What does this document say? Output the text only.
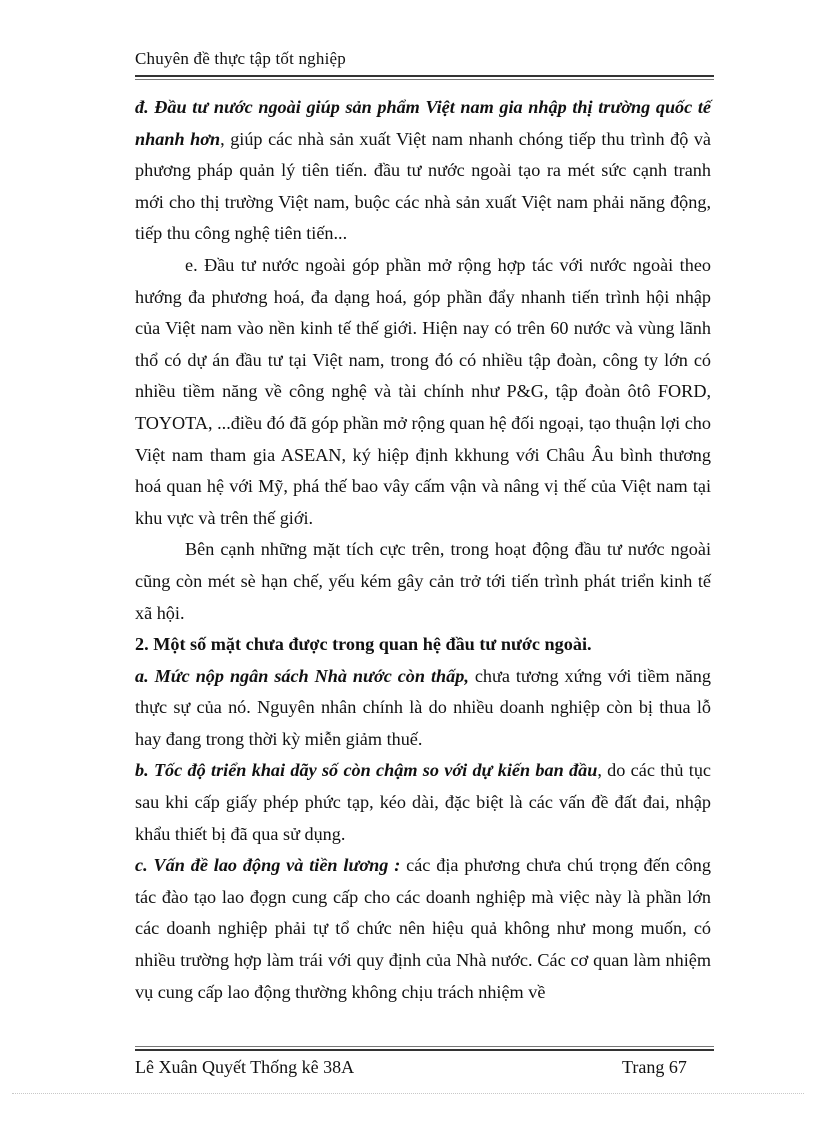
Chuyên đề thực tập tốt nghiệp

đ. Đầu tư nước ngoài giúp sản phẩm Việt nam gia nhập thị trường quốc tế nhanh hơn, giúp các nhà sản xuất Việt nam nhanh chóng tiếp thu trình độ và phương pháp quản lý tiên tiến. đầu tư nước ngoài tạo ra mét sức cạnh tranh mới cho thị trường Việt nam, buộc các nhà sản xuất Việt nam phải năng động, tiếp thu công nghệ tiên tiến...

e. Đầu tư nước ngoài góp phần mở rộng hợp tác với nước ngoài theo hướng đa phương hoá, đa dạng hoá, góp phần đẩy nhanh tiến trình hội nhập của Việt nam vào nền kinh tế thế giới. Hiện nay có trên 60 nước và vùng lãnh thổ có dự án đầu tư tại Việt nam, trong đó có nhiều tập đoàn, công ty lớn có nhiều tiềm năng về công nghệ và tài chính như P&G, tập đoàn ôtô FORD, TOYOTA, ...điều đó đã góp phần mở rộng quan hệ đối ngoại, tạo thuận lợi cho Việt nam tham gia ASEAN, ký hiệp định kkhung với Châu Âu bình thương hoá quan hệ với Mỹ, phá thế bao vây cấm vận và nâng vị thế của Việt nam tại khu vực và trên thế giới.

Bên cạnh những mặt tích cực trên, trong hoạt động đầu tư nước ngoài cũng còn mét sè hạn chế, yếu kém gây cản trở tới tiến trình phát triển kinh tế xã hội.

2. Một số mặt chưa được trong quan hệ đầu tư nước ngoài.

a. Mức nộp ngân sách Nhà nước còn thấp, chưa tương xứng với tiềm năng thực sự của nó. Nguyên nhân chính là do nhiều doanh nghiệp còn bị thua lỗ hay đang trong thời kỳ miễn giảm thuế.

b. Tốc độ triển khai dãy số còn chậm so với dự kiến ban đầu, do các thủ tục sau khi cấp giấy phép phức tạp, kéo dài, đặc biệt là các vấn đề đất đai, nhập khẩu thiết bị đã qua sử dụng.

c. Vấn đề lao động và tiền lương : các địa phương chưa chú trọng đến công tác đào tạo lao đọgn cung cấp cho các doanh nghiệp mà việc này là phần lớn các doanh nghiệp phải tự tổ chức nên hiệu quả không như mong muốn, có nhiều trường hợp làm trái với quy định của Nhà nước. Các cơ quan làm nhiệm vụ cung cấp lao động thường không chịu trách nhiệm về

Lê Xuân Quyết Thống kê 38A	Trang 67
